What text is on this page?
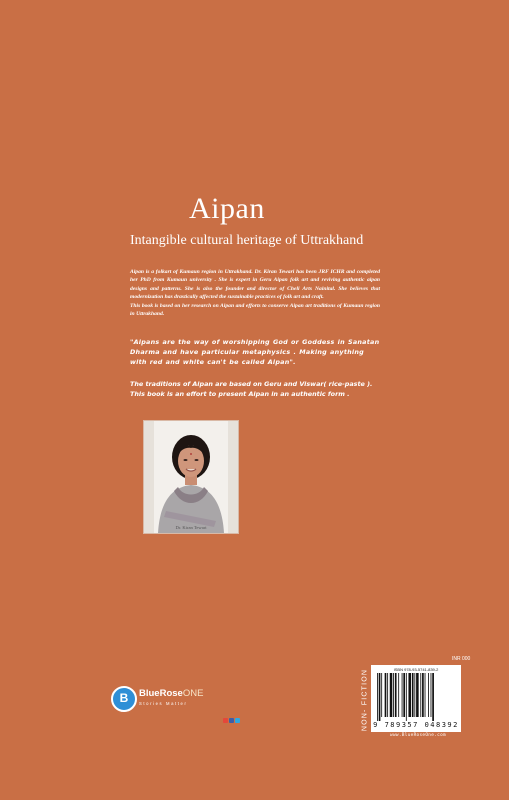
Aipan
Intangible cultural heritage of Uttrakhand

Aipan is a folkart of Kumaun region in Uttrakhand. Dr. Kiran Tewari has been JRF ICHR and completed her PhD from Kumaun university . She is expert in Geru Aipan folk art and reviving authentic aipan designs and patterns. She is also the founder and director of Cheli Arts Nainital. She believes that modernization has drastically affected the sustainable practices of folk art and craft.

This book is based on her research on Aipan and efforts to conserve Aipan art traditions of Kumaun region in Uttrakhand.

"Aipans are the way of worshipping God or Goddess in Sanatan Dharma and have particular metaphysics . Making anything with red and white can't be called Aipan".

The traditions of Aipan are based on Geru and Viswar( rice-paste ).
This book is an effort to present Aipan in an authentic form .
Dr. Kiran Tewari
B	BlueRoseONE
Stories Matter
INR 000
NON- FICTION	ISBN 978-93-5741-839-2
9 789357 048392
www.BlueRoseOne.com
